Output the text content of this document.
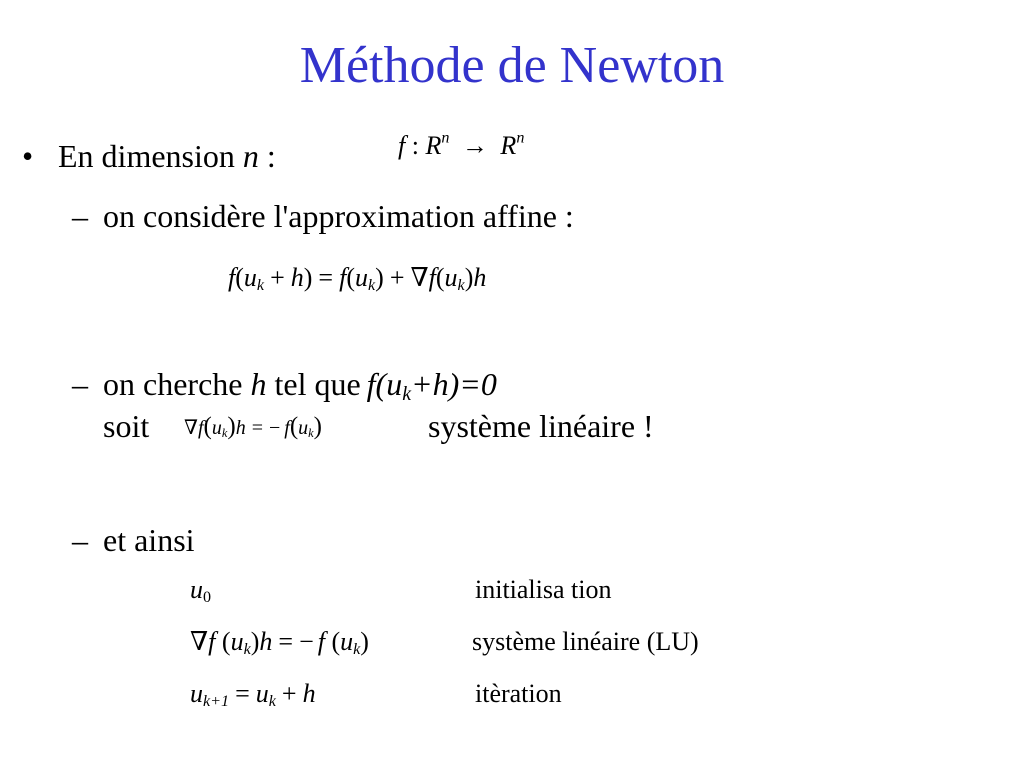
Méthode de Newton
• En dimension n :	f : $R^n \to R^n$
– on considère l'approximation affine :
$f(u_k + h) = f(u_k) + \nabla f(u_k)h$
– on cherche h tel que $f(u_k+h)=0$
soit $\nabla f(u_k)h$ = − $f(u_k)$	système linéaire !
– et ainsi
$u_0$	initialisa tion
∇f $(u_k)h$ = − f $(u_k)$	système linéaire (LU)
$u_{k+1} = u_k + h$	itèration
